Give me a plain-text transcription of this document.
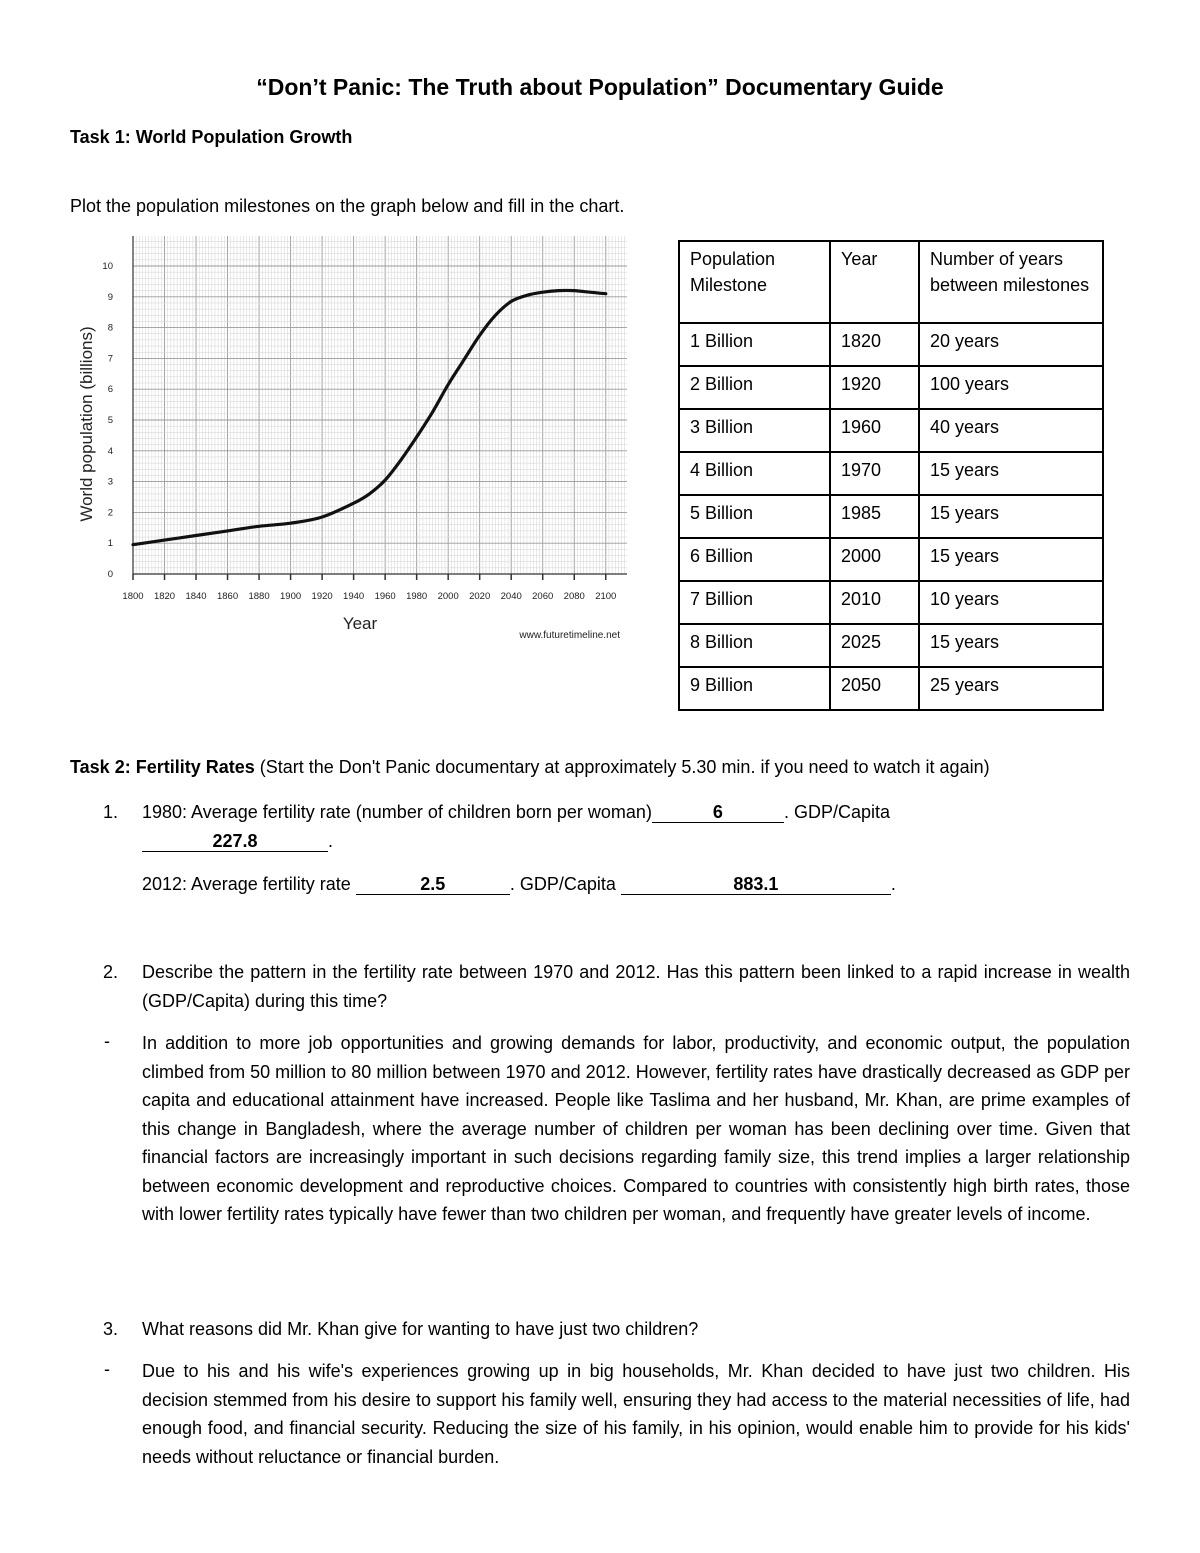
“Don’t Panic: The Truth about Population” Documentary Guide
Task 1: World Population Growth
Plot the population milestones on the graph below and fill in the chart.
1800 1820 1840 1860 1880 1900 1920 1940 1960 1980 2000 2020 2040 2060 2080 2100
0
1
2
3
4
5
6
7
8
9
10
World population (billions)
Year
www.futuretimeline.net
Population Milestone	Year	Number of years between milestones
1 Billion	1820	20 years
2 Billion	1920	100 years
3 Billion	1960	40 years
4 Billion	1970	15 years
5 Billion	1985	15 years
6 Billion	2000	15 years
7 Billion	2010	10 years
8 Billion	2025	15 years
9 Billion	2050	25 years
Task 2: Fertility Rates (Start the Don't Panic documentary at approximately 5.30 min. if you need to watch it again)
1. 1980: Average fertility rate (number of children born per woman)	6	. GDP/Capita
227.8	.
2012: Average fertility rate	2.5	. GDP/Capita	883.1	.
2. Describe the pattern in the fertility rate between 1970 and 2012. Has this pattern been linked to a rapid increase in wealth (GDP/Capita) during this time?
- In addition to more job opportunities and growing demands for labor, productivity, and economic output, the population climbed from 50 million to 80 million between 1970 and 2012. However, fertility rates have drastically decreased as GDP per capita and educational attainment have increased. People like Taslima and her husband, Mr. Khan, are prime examples of this change in Bangladesh, where the average number of children per woman has been declining over time. Given that financial factors are increasingly important in such decisions regarding family size, this trend implies a larger relationship between economic development and reproductive choices. Compared to countries with consistently high birth rates, those with lower fertility rates typically have fewer than two children per woman, and frequently have greater levels of income.
3. What reasons did Mr. Khan give for wanting to have just two children?
- Due to his and his wife's experiences growing up in big households, Mr. Khan decided to have just two children. His decision stemmed from his desire to support his family well, ensuring they had access to the material necessities of life, had enough food, and financial security. Reducing the size of his family, in his opinion, would enable him to provide for his kids' needs without reluctance or financial burden.
